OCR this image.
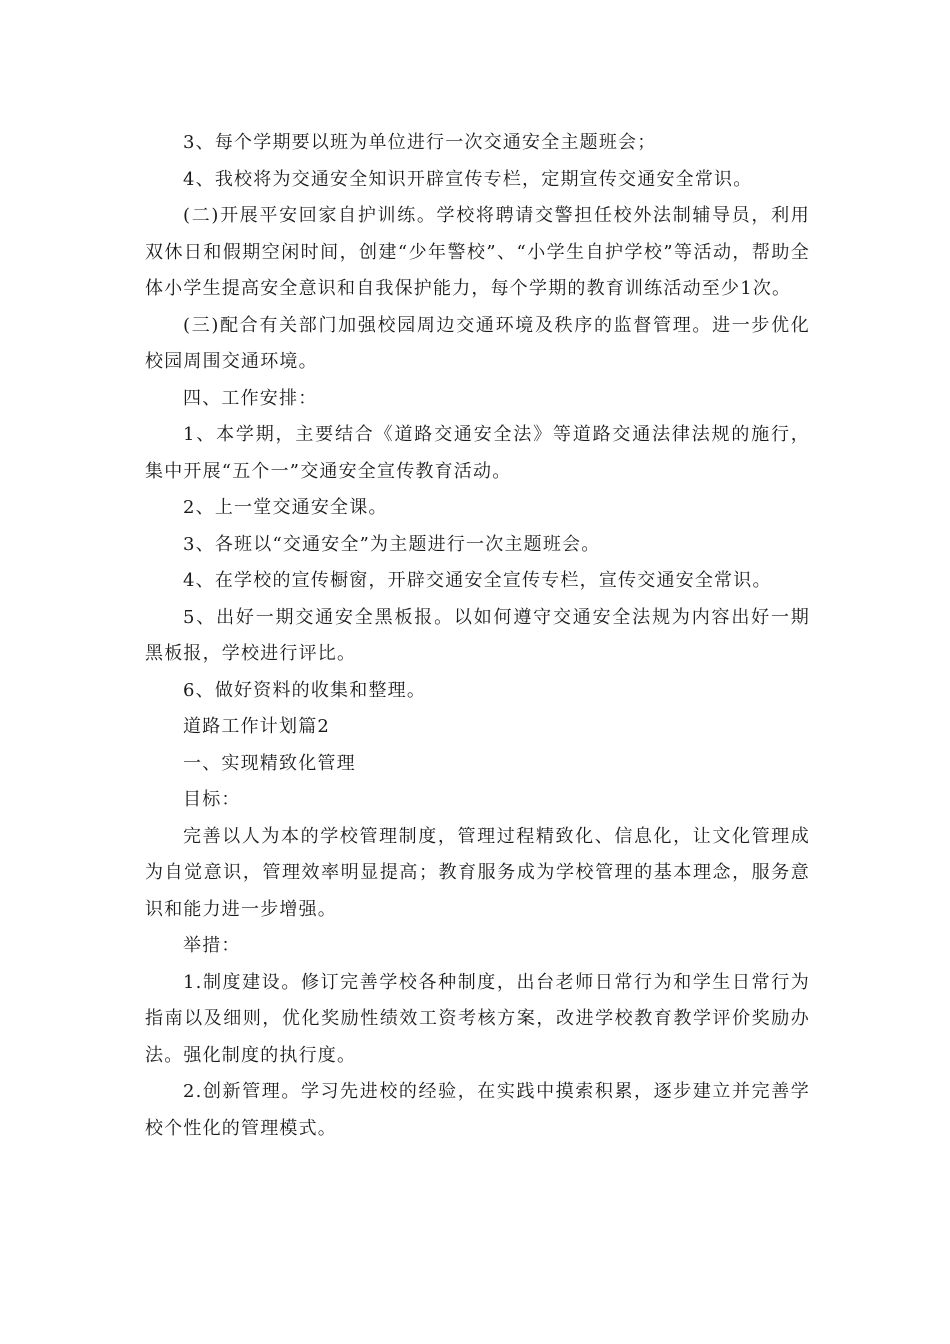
3、每个学期要以班为单位进行一次交通安全主题班会；

4、我校将为交通安全知识开辟宣传专栏，定期宣传交通安全常识。

(二)开展平安回家自护训练。学校将聘请交警担任校外法制辅导员，利用双休日和假期空闲时间，创建“少年警校”、“小学生自护学校”等活动，帮助全体小学生提高安全意识和自我保护能力，每个学期的教育训练活动至少1次。

(三)配合有关部门加强校园周边交通环境及秩序的监督管理。进一步优化校园周围交通环境。

四、工作安排：

1、本学期，主要结合《道路交通安全法》等道路交通法律法规的施行，集中开展“五个一”交通安全宣传教育活动。

2、上一堂交通安全课。

3、各班以“交通安全”为主题进行一次主题班会。

4、在学校的宣传橱窗，开辟交通安全宣传专栏，宣传交通安全常识。

5、出好一期交通安全黑板报。以如何遵守交通安全法规为内容出好一期黑板报，学校进行评比。

6、做好资料的收集和整理。

道路工作计划篇2

一、实现精致化管理

目标：

完善以人为本的学校管理制度，管理过程精致化、信息化，让文化管理成为自觉意识，管理效率明显提高；教育服务成为学校管理的基本理念，服务意识和能力进一步增强。

举措：

1.制度建设。修订完善学校各种制度，出台老师日常行为和学生日常行为指南以及细则，优化奖励性绩效工资考核方案，改进学校教育教学评价奖励办法。强化制度的执行度。

2.创新管理。学习先进校的经验，在实践中摸索积累，逐步建立并完善学校个性化的管理模式。
